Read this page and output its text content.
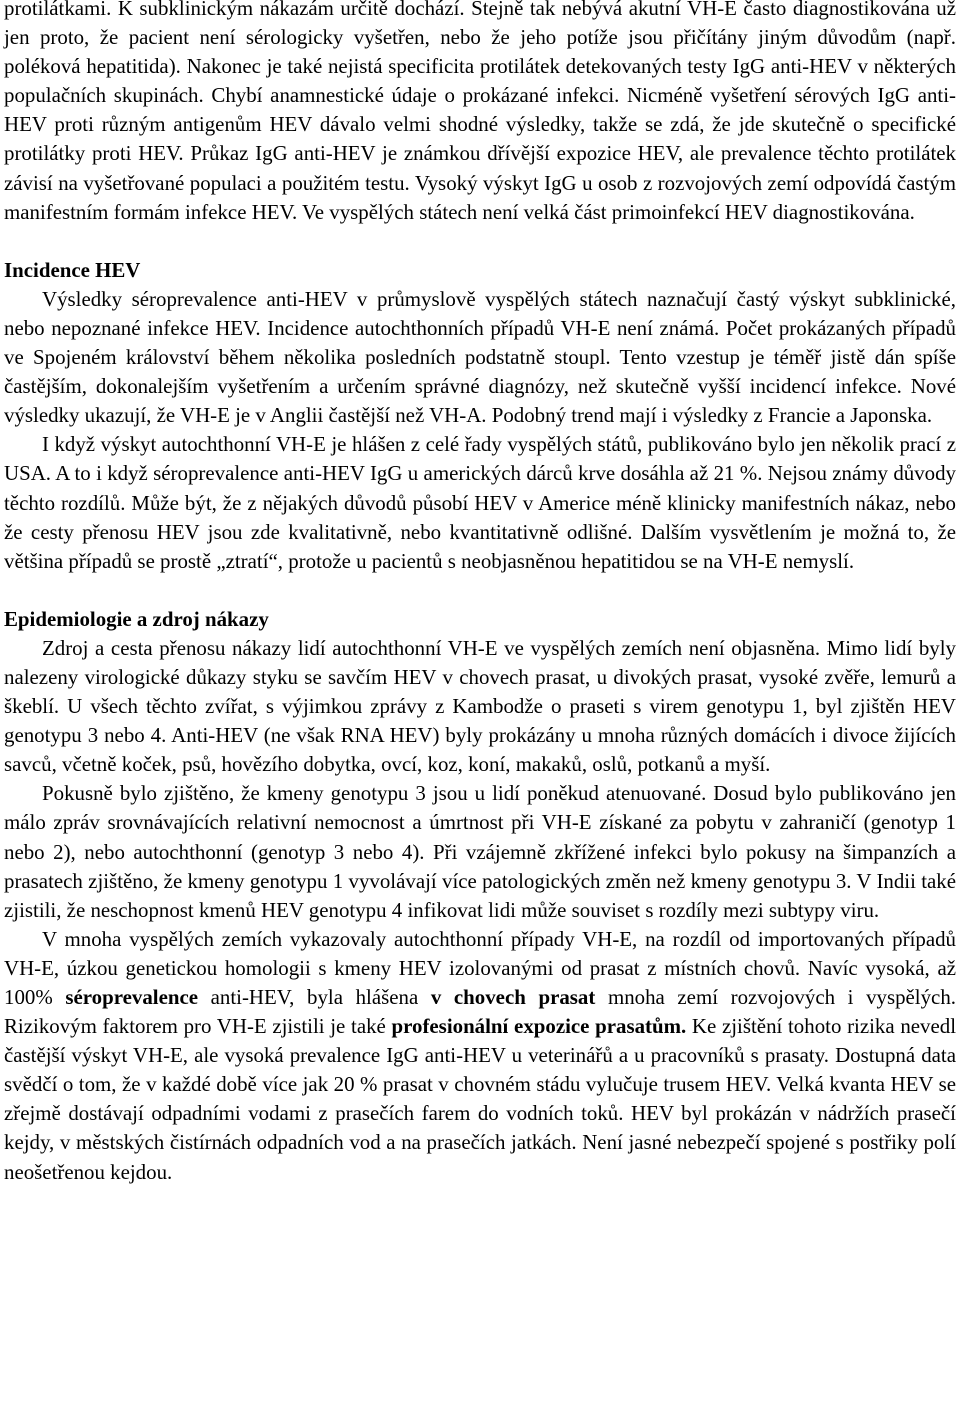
protilátkami. K subklinickým nákazám určitě dochází. Stejně tak nebývá akutní VH-E často diagnostikována už jen proto, že pacient není sérologicky vyšetřen, nebo že jeho potíže jsou přičítány jiným důvodům (např. poléková hepatitida). Nakonec je také nejistá specificita protilátek detekovaných testy IgG anti-HEV v některých populačních skupinách. Chybí anamnestické údaje o prokázané infekci. Nicméně vyšetření sérových IgG anti-HEV proti různým antigenům HEV dávalo velmi shodné výsledky, takže se zdá, že jde skutečně o specifické protilátky proti HEV. Průkaz IgG anti-HEV je známkou dřívější expozice HEV, ale prevalence těchto protilátek závisí na vyšetřované populaci a použitém testu. Vysoký výskyt IgG u osob z rozvojových zemí odpovídá častým manifestním formám infekce HEV. Ve vyspělých státech není velká část primoinfekcí HEV diagnostikována.

Incidence HEV

Výsledky séroprevalence anti-HEV v průmyslově vyspělých státech naznačují častý výskyt subklinické, nebo nepoznané infekce HEV. Incidence autochthonních případů VH-E není známá. Počet prokázaných případů ve Spojeném království během několika posledních podstatně stoupl. Tento vzestup je téměř jistě dán spíše častějším, dokonalejším vyšetřením a určením správné diagnózy, než skutečně vyšší incidencí infekce. Nové výsledky ukazují, že VH-E je v Anglii častější než VH-A. Podobný trend mají i výsledky z Francie a Japonska.

I když výskyt autochthonní VH-E je hlášen z celé řady vyspělých států, publikováno bylo jen několik prací z USA. A to i když séroprevalence anti-HEV IgG u amerických dárců krve dosáhla až 21 %. Nejsou známy důvody těchto rozdílů. Může být, že z nějakých důvodů působí HEV v Americe méně klinicky manifestních nákaz, nebo že cesty přenosu HEV jsou zde kvalitativně, nebo kvantitativně odlišné. Dalším vysvětlením je možná to, že většina případů se prostě „ztratí“, protože u pacientů s neobjasněnou hepatitidou se na VH-E nemyslí.

Epidemiologie a zdroj nákazy

Zdroj a cesta přenosu nákazy lidí autochthonní VH-E ve vyspělých zemích není objasněna. Mimo lidí byly nalezeny virologické důkazy styku se savčím HEV v chovech prasat, u divokých prasat, vysoké zvěře, lemurů a škeblí. U všech těchto zvířat, s výjimkou zprávy z Kambodže o praseti s virem genotypu 1, byl zjištěn HEV genotypu 3 nebo 4. Anti-HEV (ne však RNA HEV) byly prokázány u mnoha různých domácích i divoce žijících savců, včetně koček, psů, hovězího dobytka, ovcí, koz, koní, makaků, oslů, potkanů a myší.

Pokusně bylo zjištěno, že kmeny genotypu 3 jsou u lidí poněkud atenuované. Dosud bylo publikováno jen málo zpráv srovnávajících relativní nemocnost a úmrtnost při VH-E získané za pobytu v zahraničí (genotyp 1 nebo 2), nebo autochthonní (genotyp 3 nebo 4). Při vzájemně zkřížené infekci bylo pokusy na šimpanzích a prasatech zjištěno, že kmeny genotypu 1 vyvolávají více patologických změn než kmeny genotypu 3. V Indii také zjistili, že neschopnost kmenů HEV genotypu 4 infikovat lidi může souviset s rozdíly mezi subtypy viru.

V mnoha vyspělých zemích vykazovaly autochthonní případy VH-E, na rozdíl od importovaných případů VH-E, úzkou genetickou homologii s kmeny HEV izolovanými od prasat z místních chovů. Navíc vysoká, až 100% séroprevalence anti-HEV, byla hlášena v chovech prasat mnoha zemí rozvojových i vyspělých. Rizikovým faktorem pro VH-E zjistili je také profesionální expozice prasatům. Ke zjištění tohoto rizika nevedl častější výskyt VH-E, ale vysoká prevalence IgG anti-HEV u veterinářů a u pracovníků s prasaty. Dostupná data svědčí o tom, že v každé době více jak 20 % prasat v chovném stádu vylučuje trusem HEV. Velká kvanta HEV se zřejmě dostávají odpadními vodami z prasečích farem do vodních toků. HEV byl prokázán v nádržích prasečí kejdy, v městských čistírnách odpadních vod a na prasečích jatkách. Není jasné nebezpečí spojené s postřiky polí neošetřenou kejdou.
